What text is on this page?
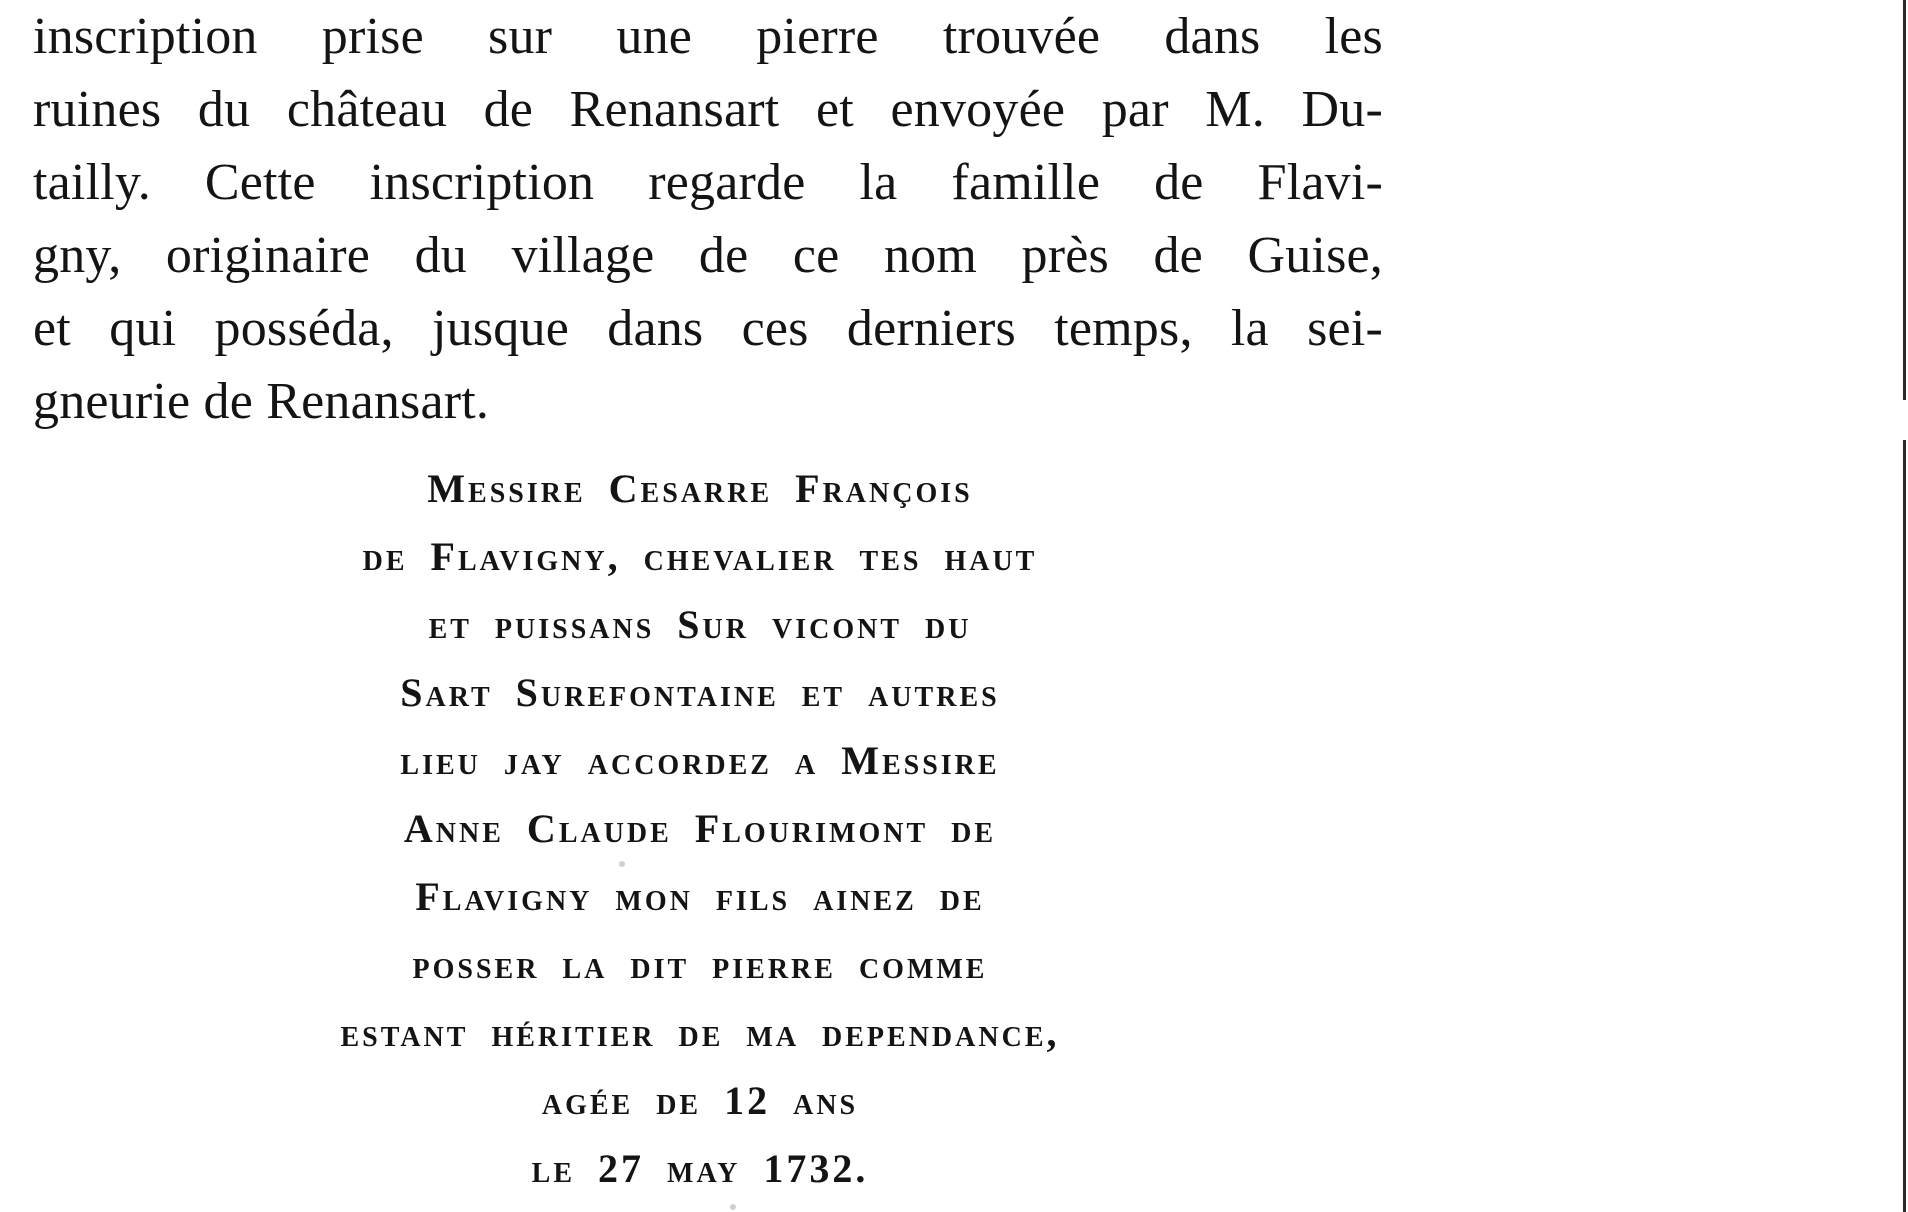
inscription prise sur une pierre trouvée dans les
ruines du château de Renansart et envoyée par M. Du-
tailly. Cette inscription regarde la famille de Flavi-
gny, originaire du village de ce nom près de Guise,
et qui posséda, jusque dans ces derniers temps, la sei-
gneurie de Renansart.
Messire Cesarre François
de Flavigny, chevalier tes haut
et puissans Sur vicont du
Sart Surefontaine et autres
lieu jay accordez a Messire
Anne Claude Flourimont de
Flavigny mon fils ainez de
posser la dit pierre comme
estant héritier de ma dependance,
agée de 12 ans
le 27 may 1732.
